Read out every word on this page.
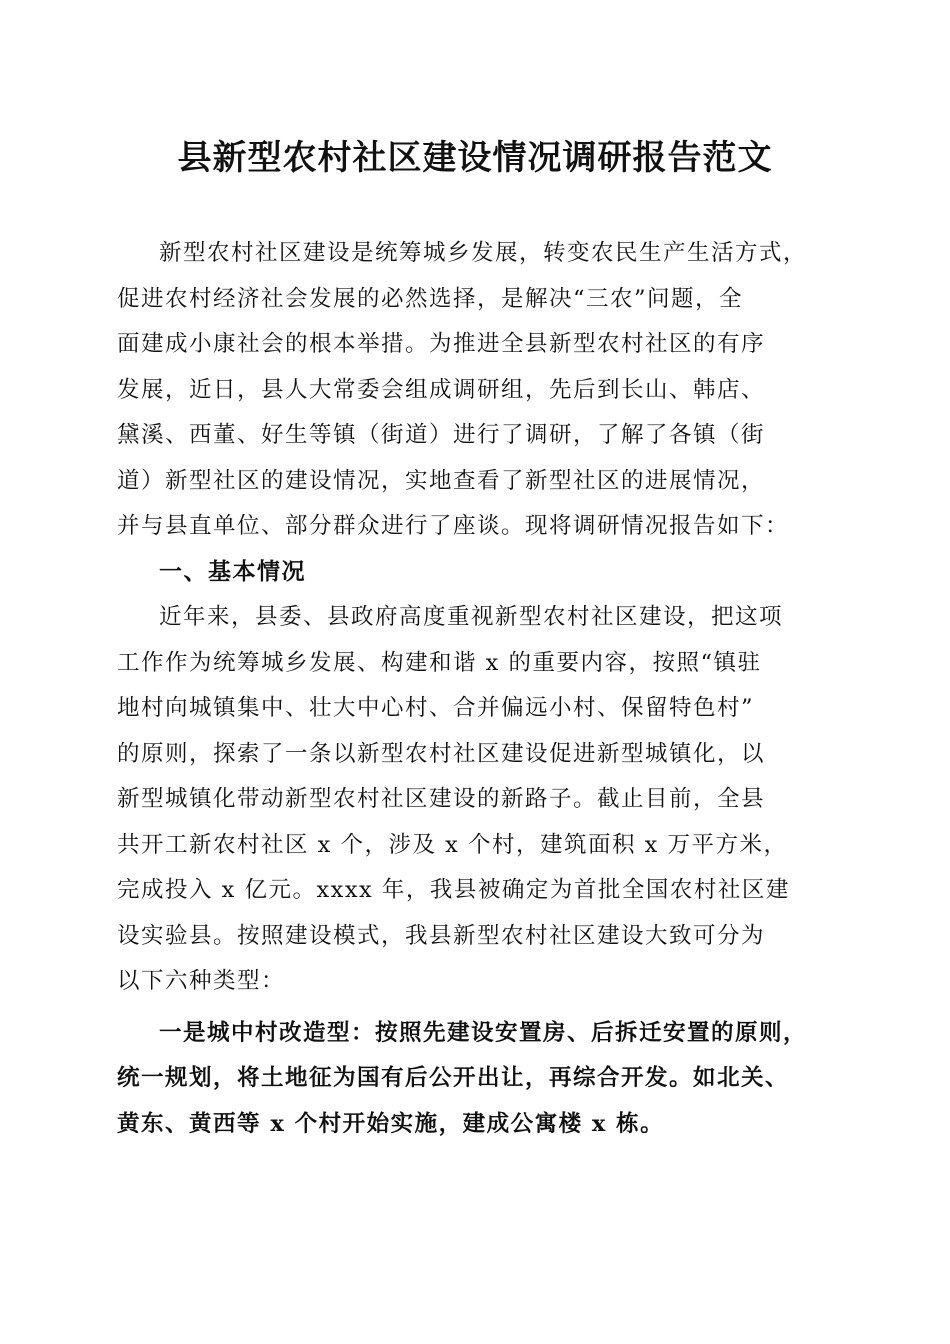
县新型农村社区建设情况调研报告范文
新型农村社区建设是统筹城乡发展，转变农民生产生活方式，
促进农村经济社会发展的必然选择，是解决“三农”问题，全
面建成小康社会的根本举措。为推进全县新型农村社区的有序
发展，近日，县人大常委会组成调研组，先后到长山、韩店、
黛溪、西董、好生等镇（街道）进行了调研，了解了各镇（街
道）新型社区的建设情况，实地查看了新型社区的进展情况，
并与县直单位、部分群众进行了座谈。现将调研情况报告如下：
一、基本情况
近年来，县委、县政府高度重视新型农村社区建设，把这项
工作作为统筹城乡发展、构建和谐 x 的重要内容，按照“镇驻
地村向城镇集中、壮大中心村、合并偏远小村、保留特色村”
的原则，探索了一条以新型农村社区建设促进新型城镇化，以
新型城镇化带动新型农村社区建设的新路子。截止目前，全县
共开工新农村社区 x 个，涉及 x 个村，建筑面积 x 万平方米，
完成投入 x 亿元。xxxx 年，我县被确定为首批全国农村社区建
设实验县。按照建设模式，我县新型农村社区建设大致可分为
以下六种类型：
一是城中村改造型：按照先建设安置房、后拆迁安置的原则，
统一规划，将土地征为国有后公开出让，再综合开发。如北关、
黄东、黄西等 x 个村开始实施，建成公寓楼 x 栋。
